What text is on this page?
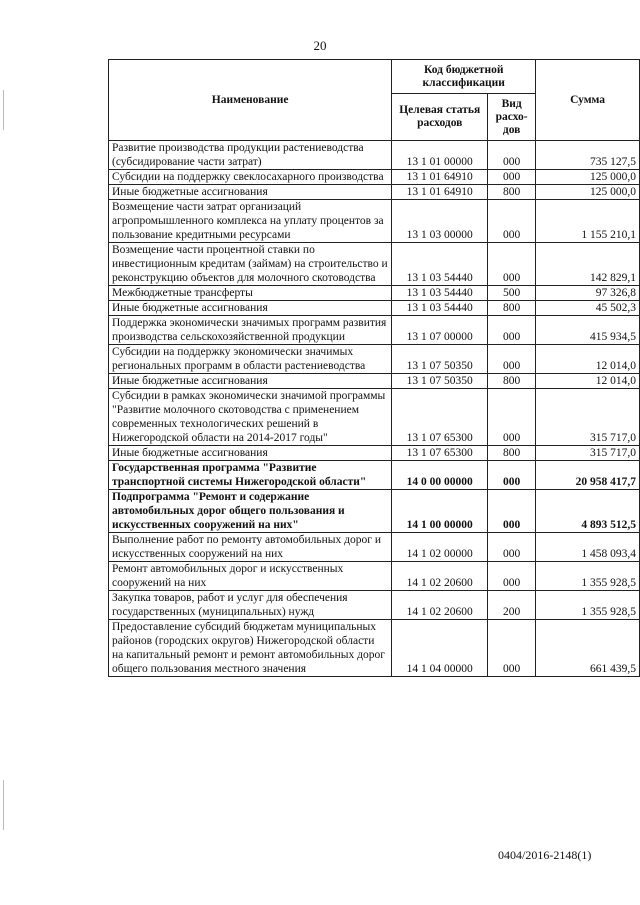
20
Наименование	Код бюджетной классификации		Сумма
	Целевая статья расходов	Вид расхо-дов	
Развитие производства продукции растениеводства (субсидирование части затрат)	13 1 01 00000	000	735 127,5
Субсидии на поддержку свеклосахарного производства	13 1 01 64910	000	125 000,0
Иные бюджетные ассигнования	13 1 01 64910	800	125 000,0
Возмещение части затрат организаций агропромышленного комплекса на уплату процентов за пользование кредитными ресурсами	13 1 03 00000	000	1 155 210,1
Возмещение части процентной ставки по инвестиционным кредитам (займам) на строительство и реконструкцию объектов для молочного скотоводства	13 1 03 54440	000	142 829,1
Межбюджетные трансферты	13 1 03 54440	500	97 326,8
Иные бюджетные ассигнования	13 1 03 54440	800	45 502,3
Поддержка экономически значимых программ развития производства сельскохозяйственной продукции	13 1 07 00000	000	415 934,5
Субсидии на поддержку экономически значимых региональных программ в области растениеводства	13 1 07 50350	000	12 014,0
Иные бюджетные ассигнования	13 1 07 50350	800	12 014,0
Субсидии в рамках экономически значимой программы "Развитие молочного скотоводства с применением современных технологических решений в Нижегородской области на 2014-2017 годы"	13 1 07 65300	000	315 717,0
Иные бюджетные ассигнования	13 1 07 65300	800	315 717,0
Государственная программа "Развитие транспортной системы Нижегородской области"	14 0 00 00000	000	20 958 417,7
Подпрограмма "Ремонт и содержание автомобильных дорог общего пользования и искусственных сооружений на них"	14 1 00 00000	000	4 893 512,5
Выполнение работ по ремонту автомобильных дорог и искусственных сооружений на них	14 1 02 00000	000	1 458 093,4
Ремонт автомобильных дорог и искусственных сооружений на них	14 1 02 20600	000	1 355 928,5
Закупка товаров, работ и услуг для обеспечения государственных (муниципальных) нужд	14 1 02 20600	200	1 355 928,5
Предоставление субсидий бюджетам муниципальных районов (городских округов) Нижегородской области на капитальный ремонт и ремонт автомобильных дорог общего пользования местного значения	14 1 04 00000	000	661 439,5
0404/2016-2148(1)
